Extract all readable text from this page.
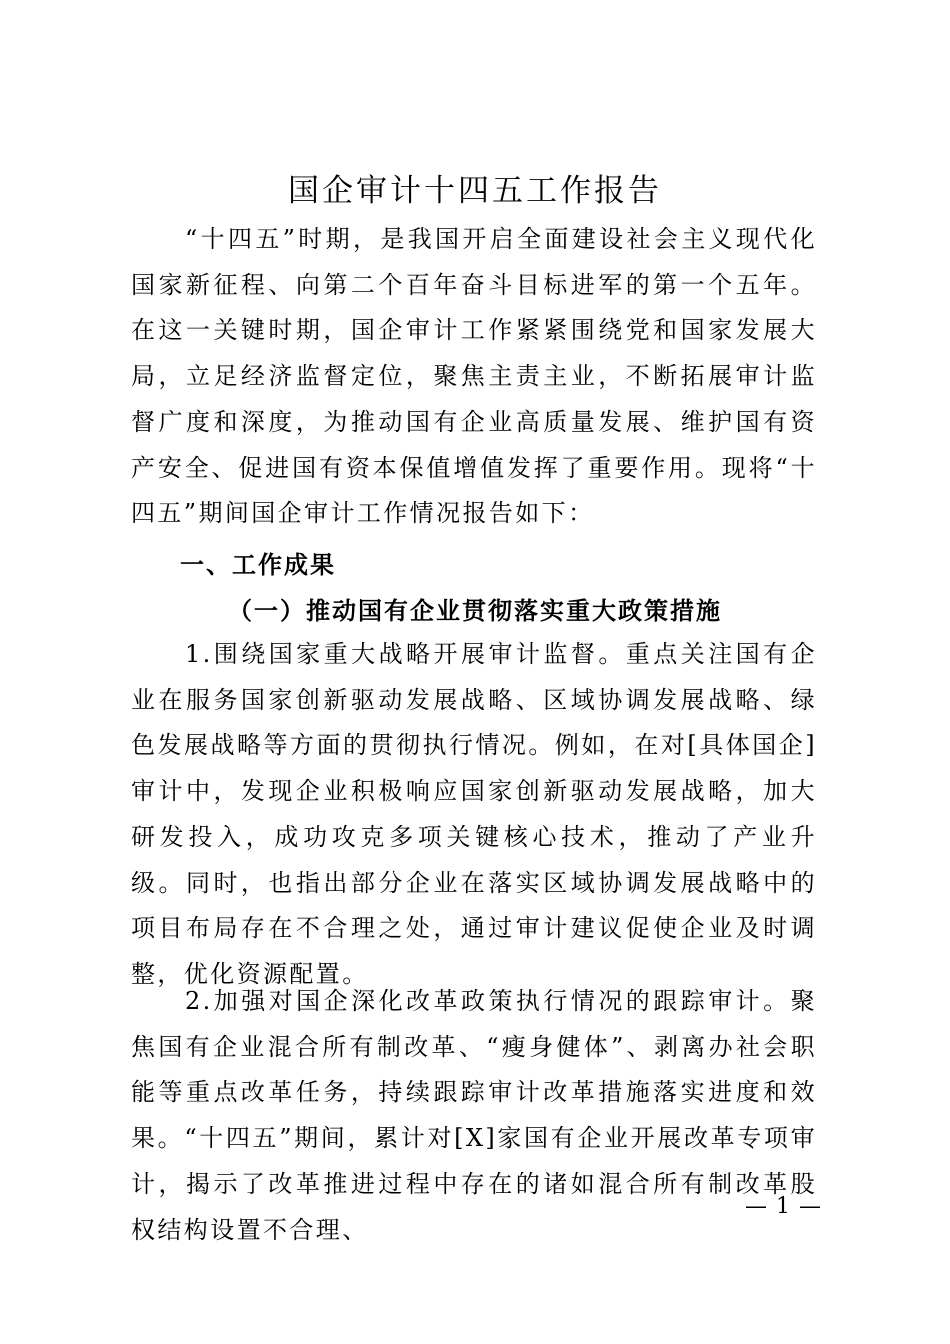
国企审计十四五工作报告

“十四五”时期，是我国开启全面建设社会主义现代化国家新征程、向第二个百年奋斗目标进军的第一个五年。在这一关键时期，国企审计工作紧紧围绕党和国家发展大局，立足经济监督定位，聚焦主责主业，不断拓展审计监督广度和深度，为推动国有企业高质量发展、维护国有资产安全、促进国有资本保值增值发挥了重要作用。现将“十四五”期间国企审计工作情况报告如下：

一、工作成果
（一）推动国有企业贯彻落实重大政策措施

1.围绕国家重大战略开展审计监督。重点关注国有企业在服务国家创新驱动发展战略、区域协调发展战略、绿色发展战略等方面的贯彻执行情况。例如，在对[具体国企]审计中，发现企业积极响应国家创新驱动发展战略，加大研发投入，成功攻克多项关键核心技术，推动了产业升级。同时，也指出部分企业在落实区域协调发展战略中的项目布局存在不合理之处，通过审计建议促使企业及时调整，优化资源配置。

2.加强对国企深化改革政策执行情况的跟踪审计。聚焦国有企业混合所有制改革、“瘦身健体”、剥离办社会职能等重点改革任务，持续跟踪审计改革措施落实进度和效果。“十四五”期间，累计对[X]家国有企业开展改革专项审计，揭示了改革推进过程中存在的诸如混合所有制改革股权结构设置不合理、

— 1 —
